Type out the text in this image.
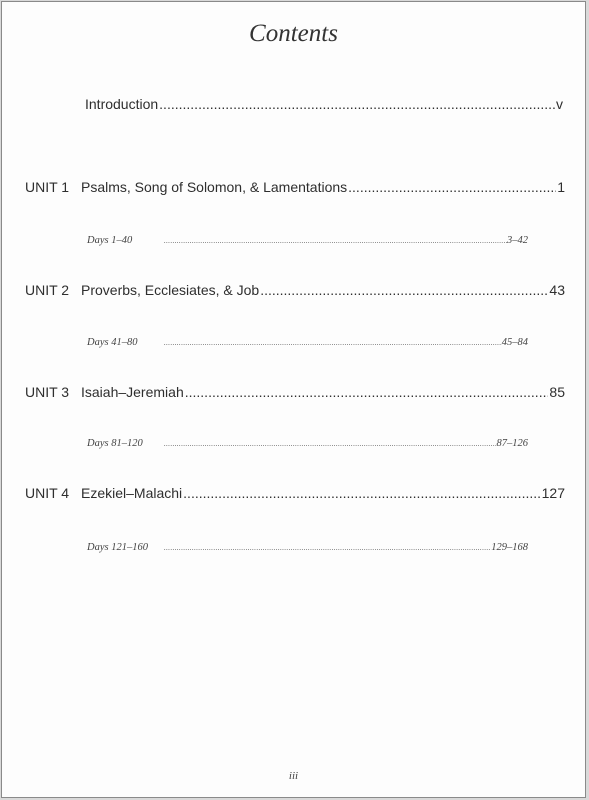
Contents
Introduction .....	v
UNIT 1 Psalms, Song of Solomon, & Lamentations .....	1
Days 1–40 .....	3–42
UNIT 2 Proverbs, Ecclesiates, & Job .....	43
Days 41–80 .....	45–84
UNIT 3 Isaiah–Jeremiah .....	85
Days 81–120 .....	87–126
UNIT 4 Ezekiel–Malachi .....	127
Days 121–160 .....	129–168
iii
